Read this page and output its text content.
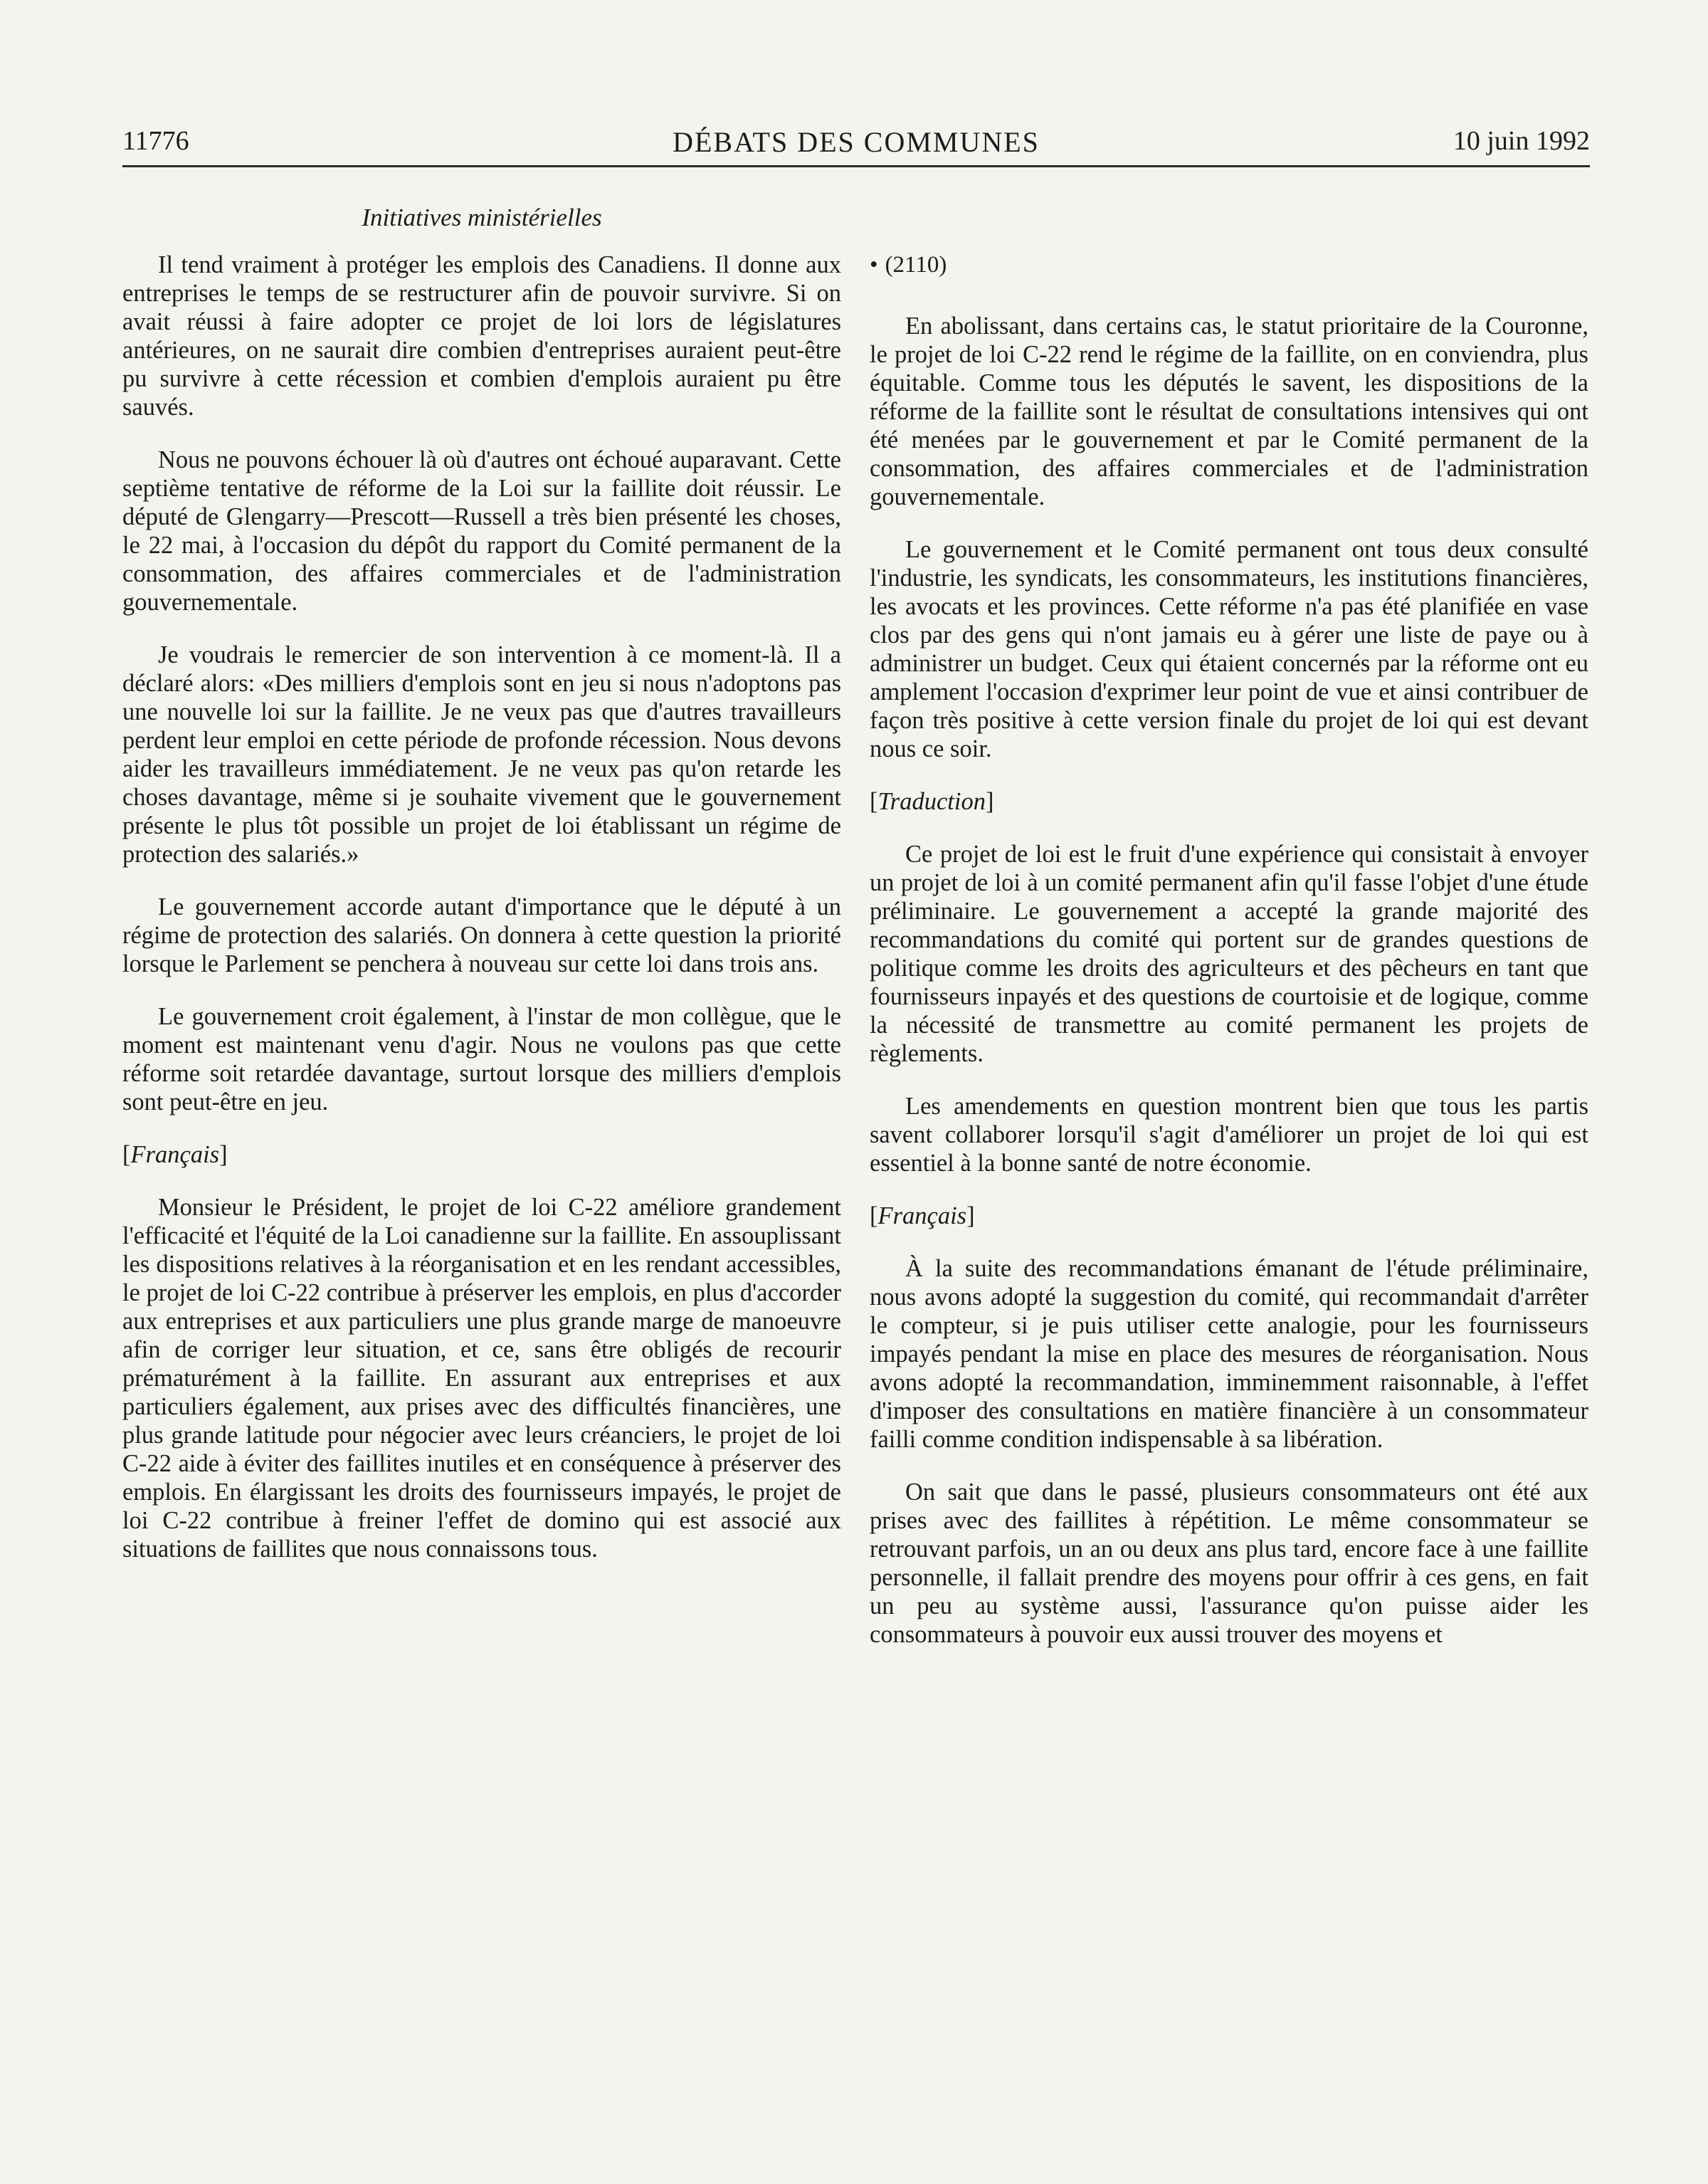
11776	DÉBATS DES COMMUNES	10 juin 1992
Initiatives ministérielles

Il tend vraiment à protéger les emplois des Canadiens. Il donne aux entreprises le temps de se restructurer afin de pouvoir survivre. Si on avait réussi à faire adopter ce projet de loi lors de législatures antérieures, on ne saurait dire combien d'entreprises auraient peut-être pu survivre à cette récession et combien d'emplois auraient pu être sauvés.

Nous ne pouvons échouer là où d'autres ont échoué auparavant. Cette septième tentative de réforme de la Loi sur la faillite doit réussir. Le député de Glengarry—Prescott—Russell a très bien présenté les choses, le 22 mai, à l'occasion du dépôt du rapport du Comité permanent de la consommation, des affaires commerciales et de l'administration gouvernementale.

Je voudrais le remercier de son intervention à ce moment-là. Il a déclaré alors: «Des milliers d'emplois sont en jeu si nous n'adoptons pas une nouvelle loi sur la faillite. Je ne veux pas que d'autres travailleurs perdent leur emploi en cette période de profonde récession. Nous devons aider les travailleurs immédiatement. Je ne veux pas qu'on retarde les choses davantage, même si je souhaite vivement que le gouvernement présente le plus tôt possible un projet de loi établissant un régime de protection des salariés.»

Le gouvernement accorde autant d'importance que le député à un régime de protection des salariés. On donnera à cette question la priorité lorsque le Parlement se penchera à nouveau sur cette loi dans trois ans.

Le gouvernement croit également, à l'instar de mon collègue, que le moment est maintenant venu d'agir. Nous ne voulons pas que cette réforme soit retardée davantage, surtout lorsque des milliers d'emplois sont peut-être en jeu.

[Français]

Monsieur le Président, le projet de loi C-22 améliore grandement l'efficacité et l'équité de la Loi canadienne sur la faillite. En assouplissant les dispositions relatives à la réorganisation et en les rendant accessibles, le projet de loi C-22 contribue à préserver les emplois, en plus d'accorder aux entreprises et aux particuliers une plus grande marge de manoeuvre afin de corriger leur situation, et ce, sans être obligés de recourir prématurément à la faillite. En assurant aux entreprises et aux particuliers également, aux prises avec des difficultés financières, une plus grande latitude pour négocier avec leurs créanciers, le projet de loi C-22 aide à éviter des faillites inutiles et en conséquence à préserver des emplois. En élargissant les droits des fournisseurs impayés, le projet de loi C-22 contribue à freiner l'effet de domino qui est associé aux situations de faillites que nous connaissons tous.

• (2110)

En abolissant, dans certains cas, le statut prioritaire de la Couronne, le projet de loi C-22 rend le régime de la faillite, on en conviendra, plus équitable. Comme tous les députés le savent, les dispositions de la réforme de la faillite sont le résultat de consultations intensives qui ont été menées par le gouvernement et par le Comité permanent de la consommation, des affaires commerciales et de l'administration gouvernementale.

Le gouvernement et le Comité permanent ont tous deux consulté l'industrie, les syndicats, les consommateurs, les institutions financières, les avocats et les provinces. Cette réforme n'a pas été planifiée en vase clos par des gens qui n'ont jamais eu à gérer une liste de paye ou à administrer un budget. Ceux qui étaient concernés par la réforme ont eu amplement l'occasion d'exprimer leur point de vue et ainsi contribuer de façon très positive à cette version finale du projet de loi qui est devant nous ce soir.

[Traduction]

Ce projet de loi est le fruit d'une expérience qui consistait à envoyer un projet de loi à un comité permanent afin qu'il fasse l'objet d'une étude préliminaire. Le gouvernement a accepté la grande majorité des recommandations du comité qui portent sur de grandes questions de politique comme les droits des agriculteurs et des pêcheurs en tant que fournisseurs inpayés et des questions de courtoisie et de logique, comme la nécessité de transmettre au comité permanent les projets de règlements.

Les amendements en question montrent bien que tous les partis savent collaborer lorsqu'il s'agit d'améliorer un projet de loi qui est essentiel à la bonne santé de notre économie.

[Français]

À la suite des recommandations émanant de l'étude préliminaire, nous avons adopté la suggestion du comité, qui recommandait d'arrêter le compteur, si je puis utiliser cette analogie, pour les fournisseurs impayés pendant la mise en place des mesures de réorganisation. Nous avons adopté la recommandation, imminemment raisonnable, à l'effet d'imposer des consultations en matière financière à un consommateur failli comme condition indispensable à sa libération.

On sait que dans le passé, plusieurs consommateurs ont été aux prises avec des faillites à répétition. Le même consommateur se retrouvant parfois, un an ou deux ans plus tard, encore face à une faillite personnelle, il fallait prendre des moyens pour offrir à ces gens, en fait un peu au système aussi, l'assurance qu'on puisse aider les consommateurs à pouvoir eux aussi trouver des moyens et
